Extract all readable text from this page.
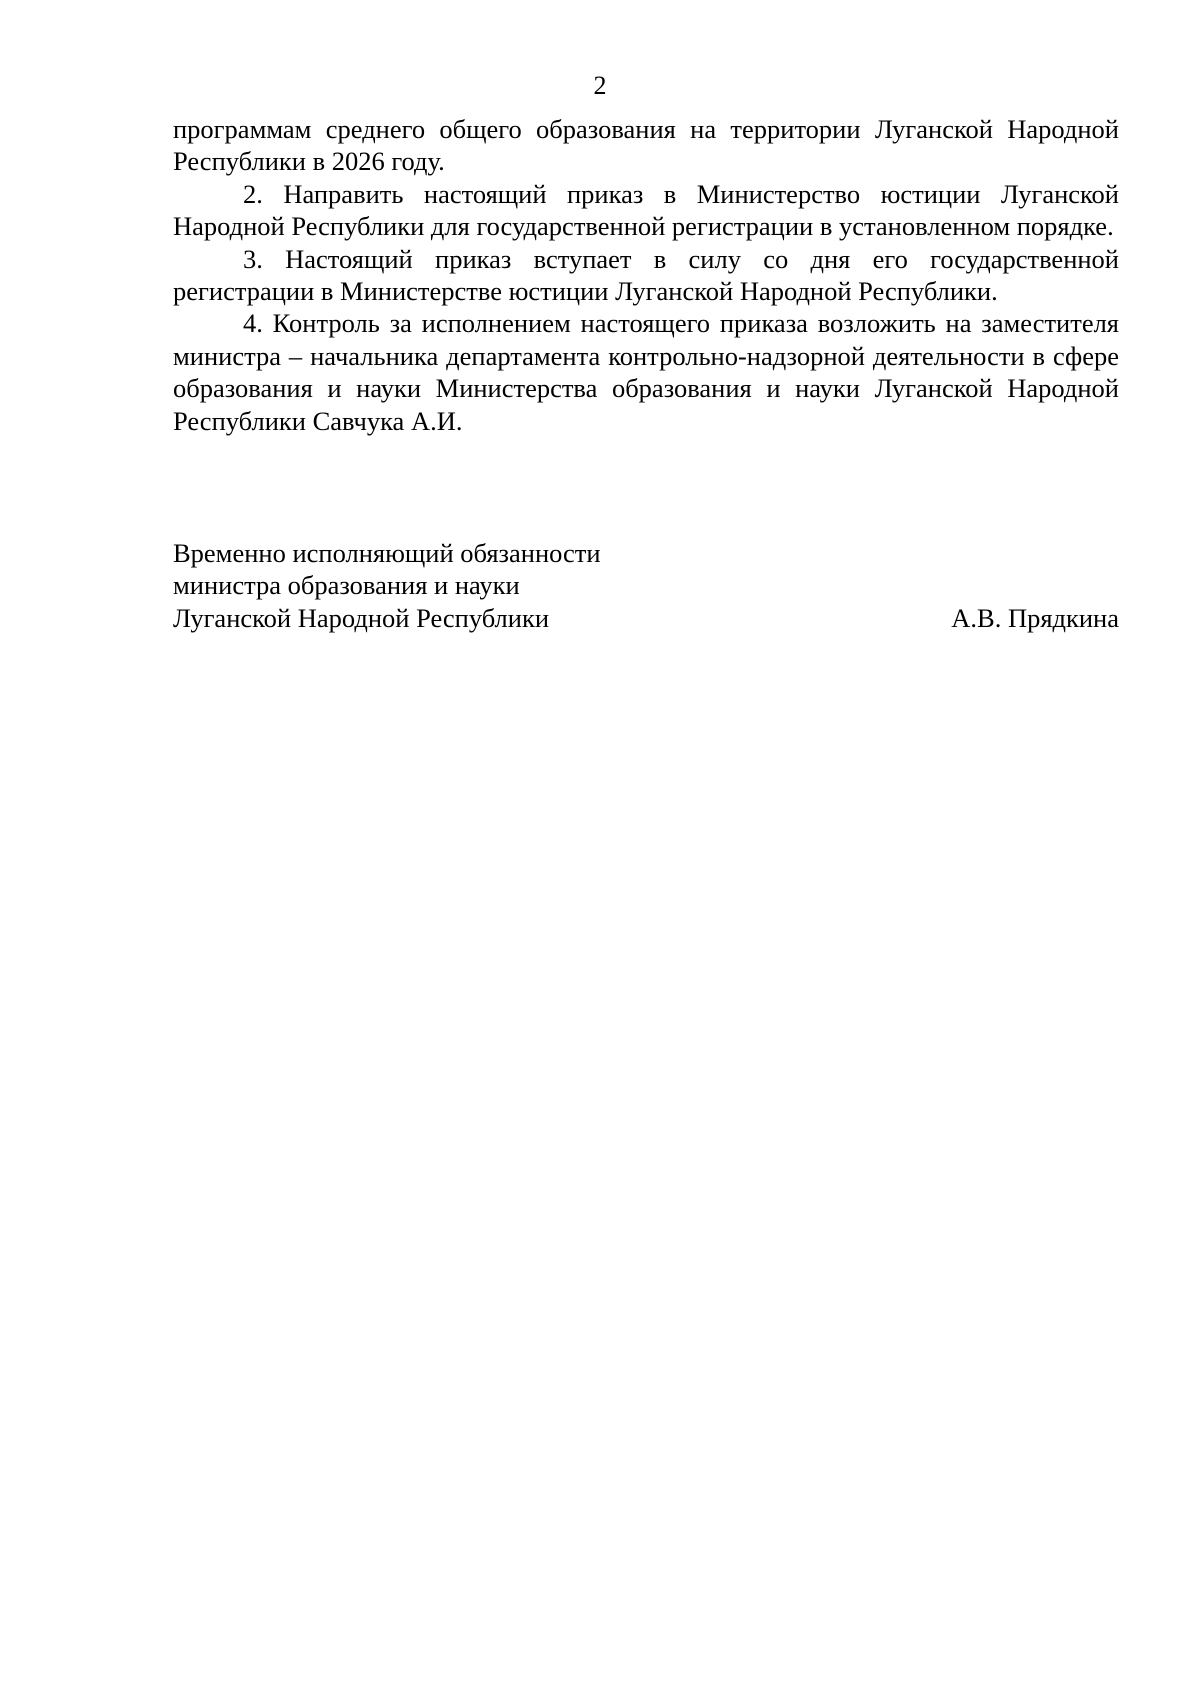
2

программам среднего общего образования на территории Луганской Народной Республики в 2026 году.

2. Направить настоящий приказ в Министерство юстиции Луганской Народной Республики для государственной регистрации в установленном порядке.

3. Настоящий приказ вступает в силу со дня его государственной регистрации в Министерстве юстиции Луганской Народной Республики.

4. Контроль за исполнением настоящего приказа возложить на заместителя министра – начальника департамента контрольно-надзорной деятельности в сфере образования и науки Министерства образования и науки Луганской Народной Республики Савчука А.И.

Временно исполняющий обязанности
министра образования и науки
Луганской Народной Республики	А.В. Прядкина
